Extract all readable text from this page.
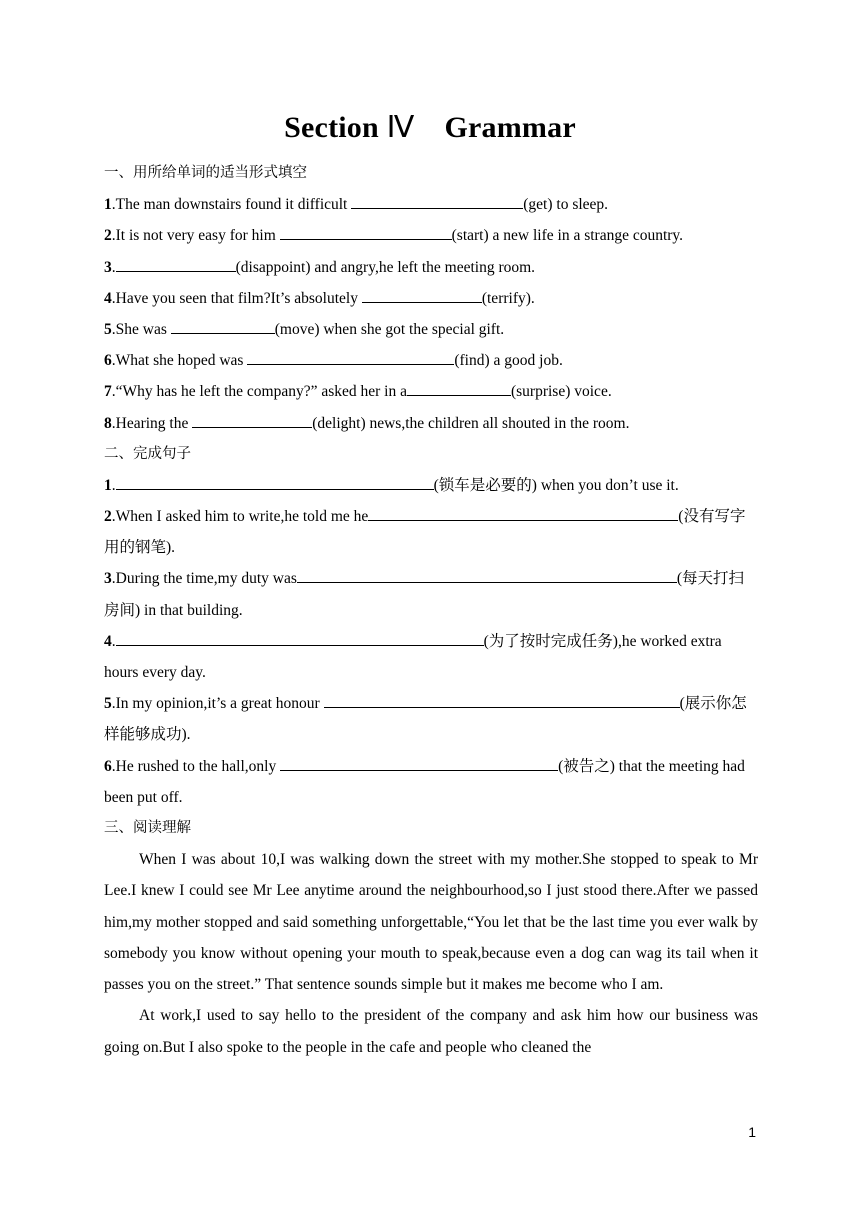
Section Ⅳ Grammar
一、用所给单词的适当形式填空
1.The man downstairs found it difficult	(get) to sleep.
2.It is not very easy for him	(start) a new life in a strange country.
3.	(disappoint) and angry,he left the meeting room.
4.Have you seen that film?It’s absolutely	(terrify).
5.She was	(move) when she got the special gift.
6.What she hoped was	(find) a good job.
7.“Why has he left the company?” asked her in a	(surprise) voice.
8.Hearing the	(delight) news,the children all shouted in the room.
二、完成句子
1.	(锁车是必要的) when you don’t use it.
2.When I asked him to write,he told me he	(没有写字用的钢笔).
3.During the time,my duty was	(每天打扫房间) in that building.
4.	(为了按时完成任务),he worked extra hours every day.
5.In my opinion,it’s a great honour	(展示你怎样能够成功).
6.He rushed to the hall,only	(被告之) that the meeting had been put off.
三、阅读理解
When I was about 10,I was walking down the street with my mother.She stopped to speak to Mr Lee.I knew I could see Mr Lee anytime around the neighbourhood,so I just stood there.After we passed him,my mother stopped and said something unforgettable,“You let that be the last time you ever walk by somebody you know without opening your mouth to speak,because even a dog can wag its tail when it passes you on the street.” That sentence sounds simple but it makes me become who I am.
At work,I used to say hello to the president of the company and ask him how our business was going on.But I also spoke to the people in the cafe and people who cleaned the
1
